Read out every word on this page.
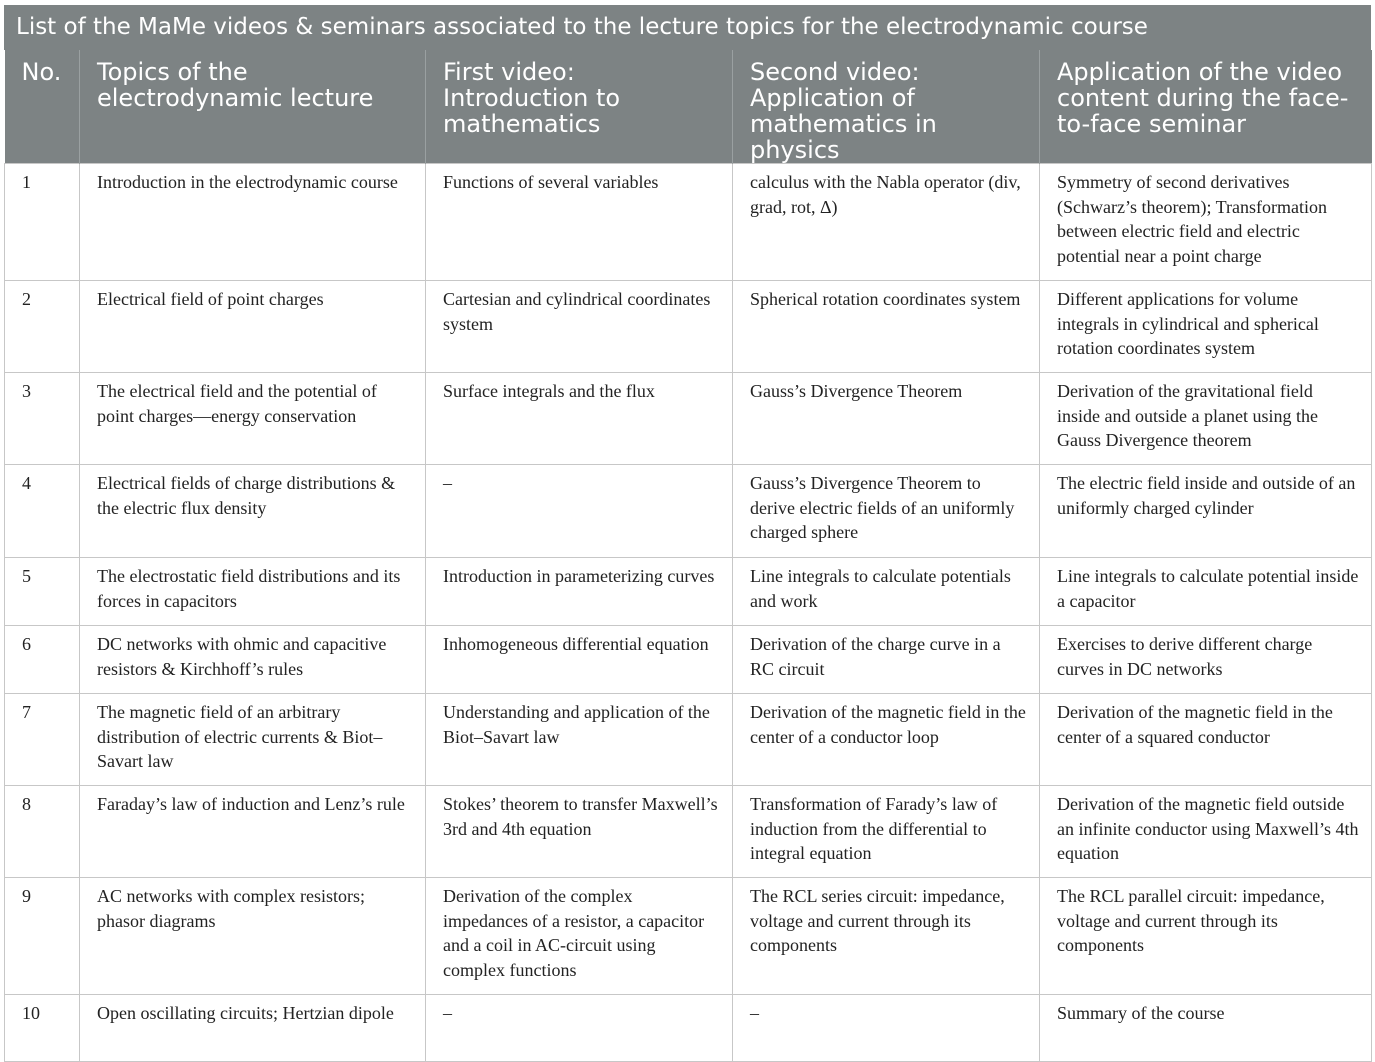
List of the MaMe videos & seminars associated to the lecture topics for the electrodynamic course
No.	Topics of the electrodynamic lecture	First video: Introduction to mathematics	Second video: Application of mathematics in physics	Application of the video content during the face-to-face seminar
1	Introduction in the electrodynamic course	Functions of several variables	calculus with the Nabla operator (div, grad, rot, Δ)	Symmetry of second derivatives (Schwarz’s theorem); Transformation between electric field and electric potential near a point charge
2	Electrical field of point charges	Cartesian and cylindrical coordinates system	Spherical rotation coordinates system	Different applications for volume integrals in cylindrical and spherical rotation coordinates system
3	The electrical field and the potential of point charges—energy conservation	Surface integrals and the flux	Gauss’s Divergence Theorem	Derivation of the gravitational field inside and outside a planet using the Gauss Divergence theorem
4	Electrical fields of charge distributions & the electric flux density	–	Gauss’s Divergence Theorem to derive electric fields of an uniformly charged sphere	The electric field inside and outside of an uniformly charged cylinder
5	The electrostatic field distributions and its forces in capacitors	Introduction in parameterizing curves	Line integrals to calculate potentials and work	Line integrals to calculate potential inside a capacitor
6	DC networks with ohmic and capacitive resistors & Kirchhoff’s rules	Inhomogeneous differential equation	Derivation of the charge curve in a RC circuit	Exercises to derive different charge curves in DC networks
7	The magnetic field of an arbitrary distribution of electric currents & Biot–Savart law	Understanding and application of the Biot–Savart law	Derivation of the magnetic field in the center of a conductor loop	Derivation of the magnetic field in the center of a squared conductor
8	Faraday’s law of induction and Lenz’s rule	Stokes’ theorem to transfer Maxwell’s 3rd and 4th equation	Transformation of Farady’s law of induction from the differential to integral equation	Derivation of the magnetic field outside an infinite conductor using Maxwell’s 4th equation
9	AC networks with complex resistors; phasor diagrams	Derivation of the complex impedances of a resistor, a capacitor and a coil in AC-circuit using complex functions	The RCL series circuit: impedance, voltage and current through its components	The RCL parallel circuit: impedance, voltage and current through its components
10	Open oscillating circuits; Hertzian dipole	–	–	Summary of the course
